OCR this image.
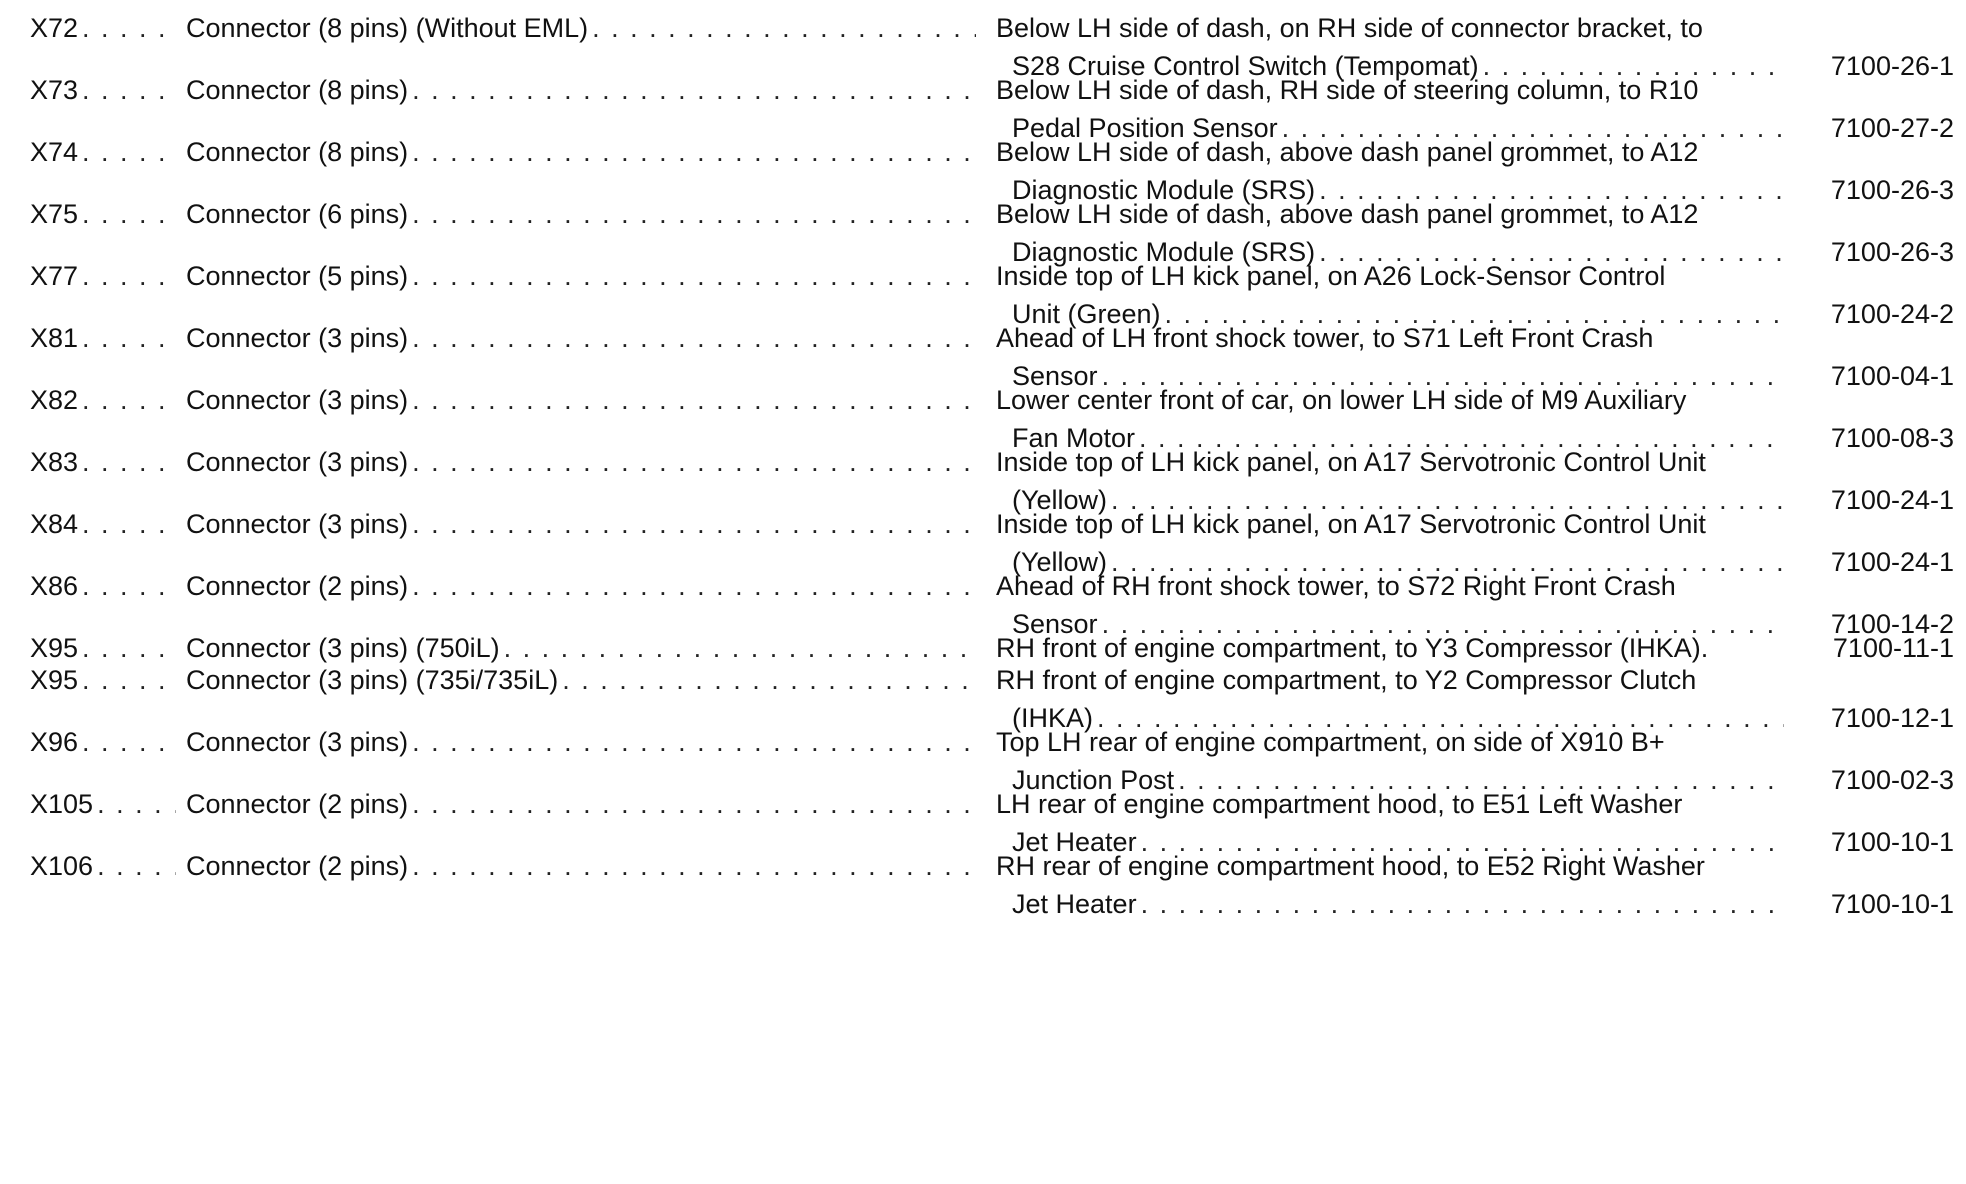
X72 . . .	Connector (8 pins) (Without EML) . . .	Below LH side of dash, on RH side of connector bracket, to
S28 Cruise Control Switch (Tempomat) . . .	7100-26-1
X73 . . .	Connector (8 pins) . . .	Below LH side of dash, RH side of steering column, to R10
Pedal Position Sensor . . .	7100-27-2
X74 . . .	Connector (8 pins) . . .	Below LH side of dash, above dash panel grommet, to A12
Diagnostic Module (SRS) . . .	7100-26-3
X75 . . .	Connector (6 pins) . . .	Below LH side of dash, above dash panel grommet, to A12
Diagnostic Module (SRS) . . .	7100-26-3
X77 . . .	Connector (5 pins) . . .	Inside top of LH kick panel, on A26 Lock-Sensor Control
Unit (Green) . . .	7100-24-2
X81 . . .	Connector (3 pins) . . .	Ahead of LH front shock tower, to S71 Left Front Crash
Sensor . . .	7100-04-1
X82 . . .	Connector (3 pins) . . .	Lower center front of car, on lower LH side of M9 Auxiliary
Fan Motor . . .	7100-08-3
X83 . . .	Connector (3 pins) . . .	Inside top of LH kick panel, on A17 Servotronic Control Unit
(Yellow) . . .	7100-24-1
X84 . . .	Connector (3 pins) . . .	Inside top of LH kick panel, on A17 Servotronic Control Unit
(Yellow) . . .	7100-24-1
X86 . . .	Connector (2 pins) . . .	Ahead of RH front shock tower, to S72 Right Front Crash
Sensor . . .	7100-14-2
X95 . . .	Connector (3 pins) (750iL) . . .	RH front of engine compartment, to Y3 Compressor (IHKA).	7100-11-1
X95 . . .	Connector (3 pins) (735i/735iL) . . .	RH front of engine compartment, to Y2 Compressor Clutch
(IHKA) . . .	7100-12-1
X96 . . .	Connector (3 pins) . . .	Top LH rear of engine compartment, on side of X910 B+
Junction Post . . .	7100-02-3
X105 . . .	Connector (2 pins) . . .	LH rear of engine compartment hood, to E51 Left Washer
Jet Heater . . .	7100-10-1
X106 . . .	Connector (2 pins) . . .	RH rear of engine compartment hood, to E52 Right Washer
Jet Heater . . .	7100-10-1
